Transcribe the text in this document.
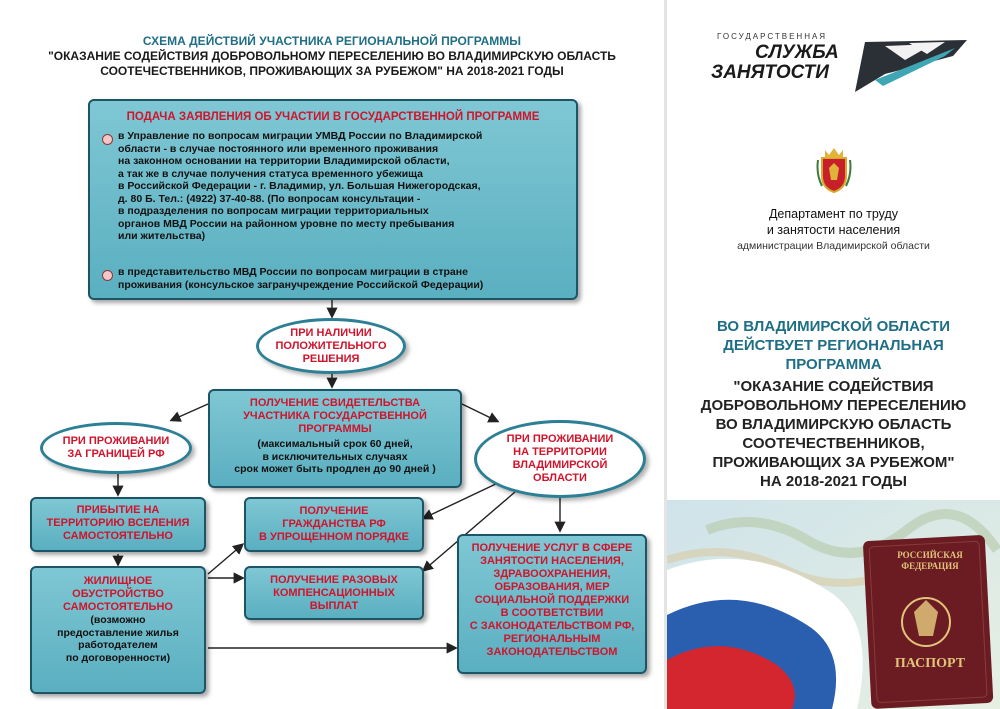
СХЕМА ДЕЙСТВИЙ УЧАСТНИКА РЕГИОНАЛЬНОЙ ПРОГРАММЫ
"ОКАЗАНИЕ СОДЕЙСТВИЯ ДОБРОВОЛЬНОМУ ПЕРЕСЕЛЕНИЮ ВО ВЛАДИМИРСКУЮ ОБЛАСТЬ
СООТЕЧЕСТВЕННИКОВ, ПРОЖИВАЮЩИХ ЗА РУБЕЖОМ" НА 2018-2021 ГОДЫ
ПОДАЧА ЗАЯВЛЕНИЯ ОБ УЧАСТИИ В ГОСУДАРСТВЕННОЙ ПРОГРАММЕ
в Управление по вопросам миграции УМВД России по Владимирской
области - в случае постоянного или временного проживания
на законном основании на территории Владимирской области,
а так же в случае получения статуса временного убежища
в Российской Федерации - г. Владимир, ул. Большая Нижегородская,
д. 80 Б. Тел.: (4922) 37-40-88. (По вопросам консультации -
в подразделения по вопросам миграции территориальных
органов МВД России на районном уровне по месту пребывания
или жительства)
в представительство МВД России по вопросам миграции в стране
проживания (консульское загранучреждение Российской Федерации)
ПРИ НАЛИЧИИ
ПОЛОЖИТЕЛЬНОГО
РЕШЕНИЯ
ПОЛУЧЕНИЕ СВИДЕТЕЛЬСТВА
УЧАСТНИКА ГОСУДАРСТВЕННОЙ
ПРОГРАММЫ
(максимальный срок 60 дней,
в исключительных случаях
срок может быть продлен до 90 дней )
ПРИ ПРОЖИВАНИИ
ЗА ГРАНИЦЕЙ РФ
ПРИ ПРОЖИВАНИИ
НА ТЕРРИТОРИИ
ВЛАДИМИРСКОЙ
ОБЛАСТИ
ПРИБЫТИЕ НА
ТЕРРИТОРИЮ ВСЕЛЕНИЯ
САМОСТОЯТЕЛЬНО
ЖИЛИЩНОЕ
ОБУСТРОЙСТВО
САМОСТОЯТЕЛЬНО
(возможно
предоставление жилья
работодателем
по договоренности)
ПОЛУЧЕНИЕ
ГРАЖДАНСТВА РФ
В УПРОЩЕННОМ ПОРЯДКЕ
ПОЛУЧЕНИЕ РАЗОВЫХ
КОМПЕНСАЦИОННЫХ
ВЫПЛАТ
ПОЛУЧЕНИЕ УСЛУГ В СФЕРЕ
ЗАНЯТОСТИ НАСЕЛЕНИЯ,
ЗДРАВООХРАНЕНИЯ,
ОБРАЗОВАНИЯ, МЕР
СОЦИАЛЬНОЙ ПОДДЕРЖКИ
В СООТВЕТСТВИИ
С ЗАКОНОДАТЕЛЬСТВОМ РФ,
РЕГИОНАЛЬНЫМ
ЗАКОНОДАТЕЛЬСТВОМ
ГОСУДАРСТВЕННАЯ
СЛУЖБА
ЗАНЯТОСТИ
Департамент по труду
и занятости населения
администрации Владимирской области
ВО ВЛАДИМИРСКОЙ ОБЛАСТИ
ДЕЙСТВУЕТ РЕГИОНАЛЬНАЯ
ПРОГРАММА
"ОКАЗАНИЕ СОДЕЙСТВИЯ
ДОБРОВОЛЬНОМУ ПЕРЕСЕЛЕНИЮ
ВО ВЛАДИМИРСКУЮ ОБЛАСТЬ
СООТЕЧЕСТВЕННИКОВ,
ПРОЖИВАЮЩИХ ЗА РУБЕЖОМ"
НА 2018-2021 ГОДЫ
РОССИЙСКАЯ
ФЕДЕРАЦИЯ
ПАСПОРТ
